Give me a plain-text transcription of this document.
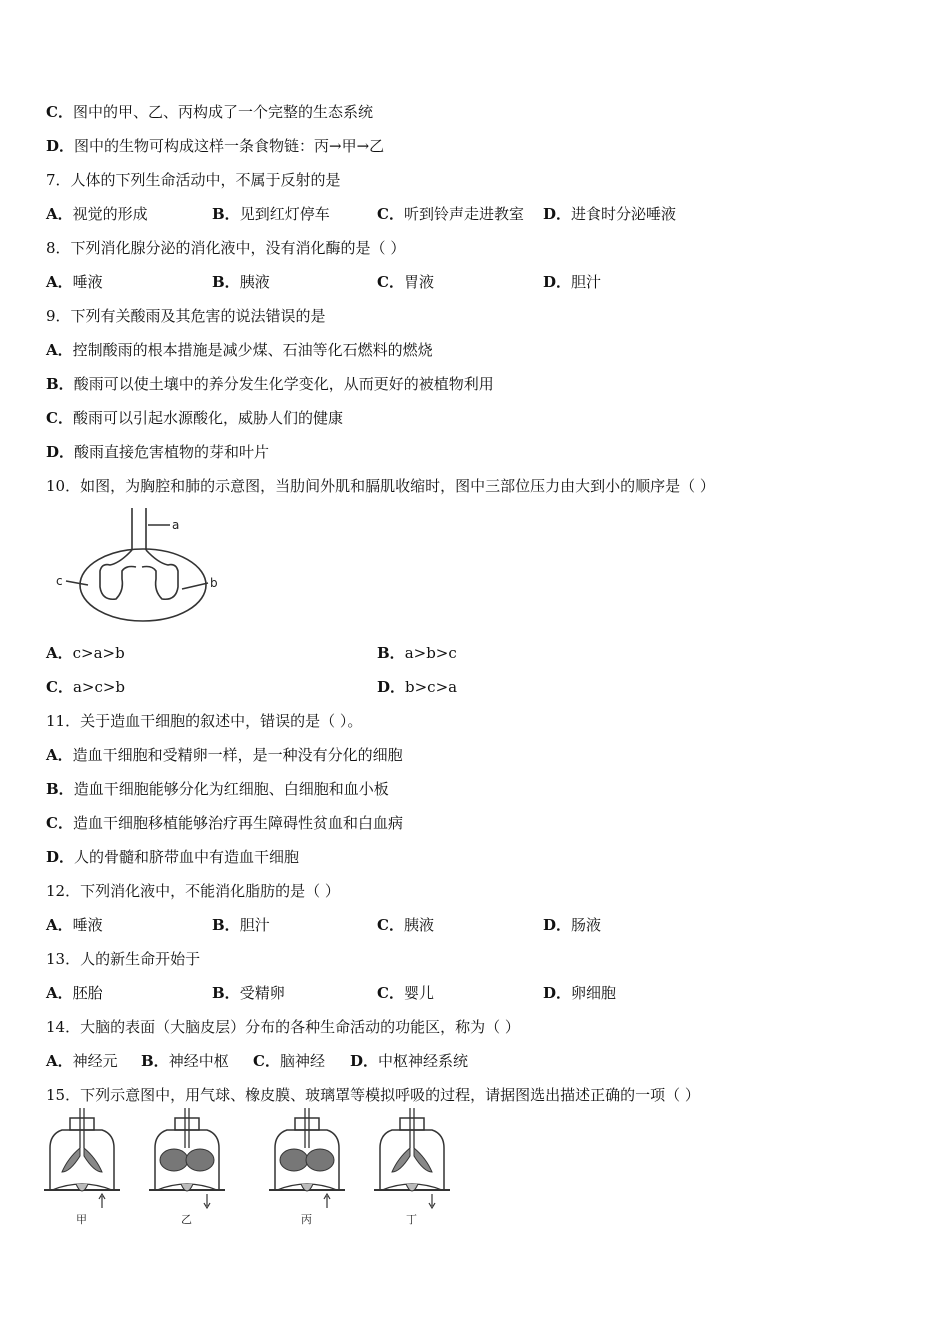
C．图中的甲、乙、丙构成了一个完整的生态系统
D．图中的生物可构成这样一条食物链：丙→甲→乙
7．人体的下列生命活动中，不属于反射的是
A．视觉的形成	B．见到红灯停车	C．听到铃声走进教室 D．进食时分泌唾液
8．下列消化腺分泌的消化液中，没有消化酶的是（ ）
A．唾液	B．胰液	C．胃液	D．胆汁
9．下列有关酸雨及其危害的说法错误的是
A．控制酸雨的根本措施是减少煤、石油等化石燃料的燃烧
B．酸雨可以使土壤中的养分发生化学变化，从而更好的被植物利用
C．酸雨可以引起水源酸化，威胁人们的健康
D．酸雨直接危害植物的芽和叶片
10．如图，为胸腔和肺的示意图，当肋间外肌和膈肌收缩时，图中三部位压力由大到小的顺序是（ ）
a
c	b
A．c>a>b	B．a>b>c
C．a>c>b	D．b>c>a
11．关于造血干细胞的叙述中，错误的是（ ）。
A．造血干细胞和受精卵一样，是一种没有分化的细胞
B．造血干细胞能够分化为红细胞、白细胞和血小板
C．造血干细胞移植能够治疗再生障碍性贫血和白血病
D．人的骨髓和脐带血中有造血干细胞
12．下列消化液中，不能消化脂肪的是（ ）
A．唾液	B．胆汁	C．胰液	D．肠液
13．人的新生命开始于
A．胚胎	B．受精卵	C．婴儿	D．卵细胞
14．大脑的表面（大脑皮层）分布的各种生命活动的功能区，称为（ ）
A．神经元 B．神经中枢 C．脑神经 D．中枢神经系统
15．下列示意图中，用气球、橡皮膜、玻璃罩等模拟呼吸的过程，请据图选出描述正确的一项（ ）
甲	乙	丙	丁
